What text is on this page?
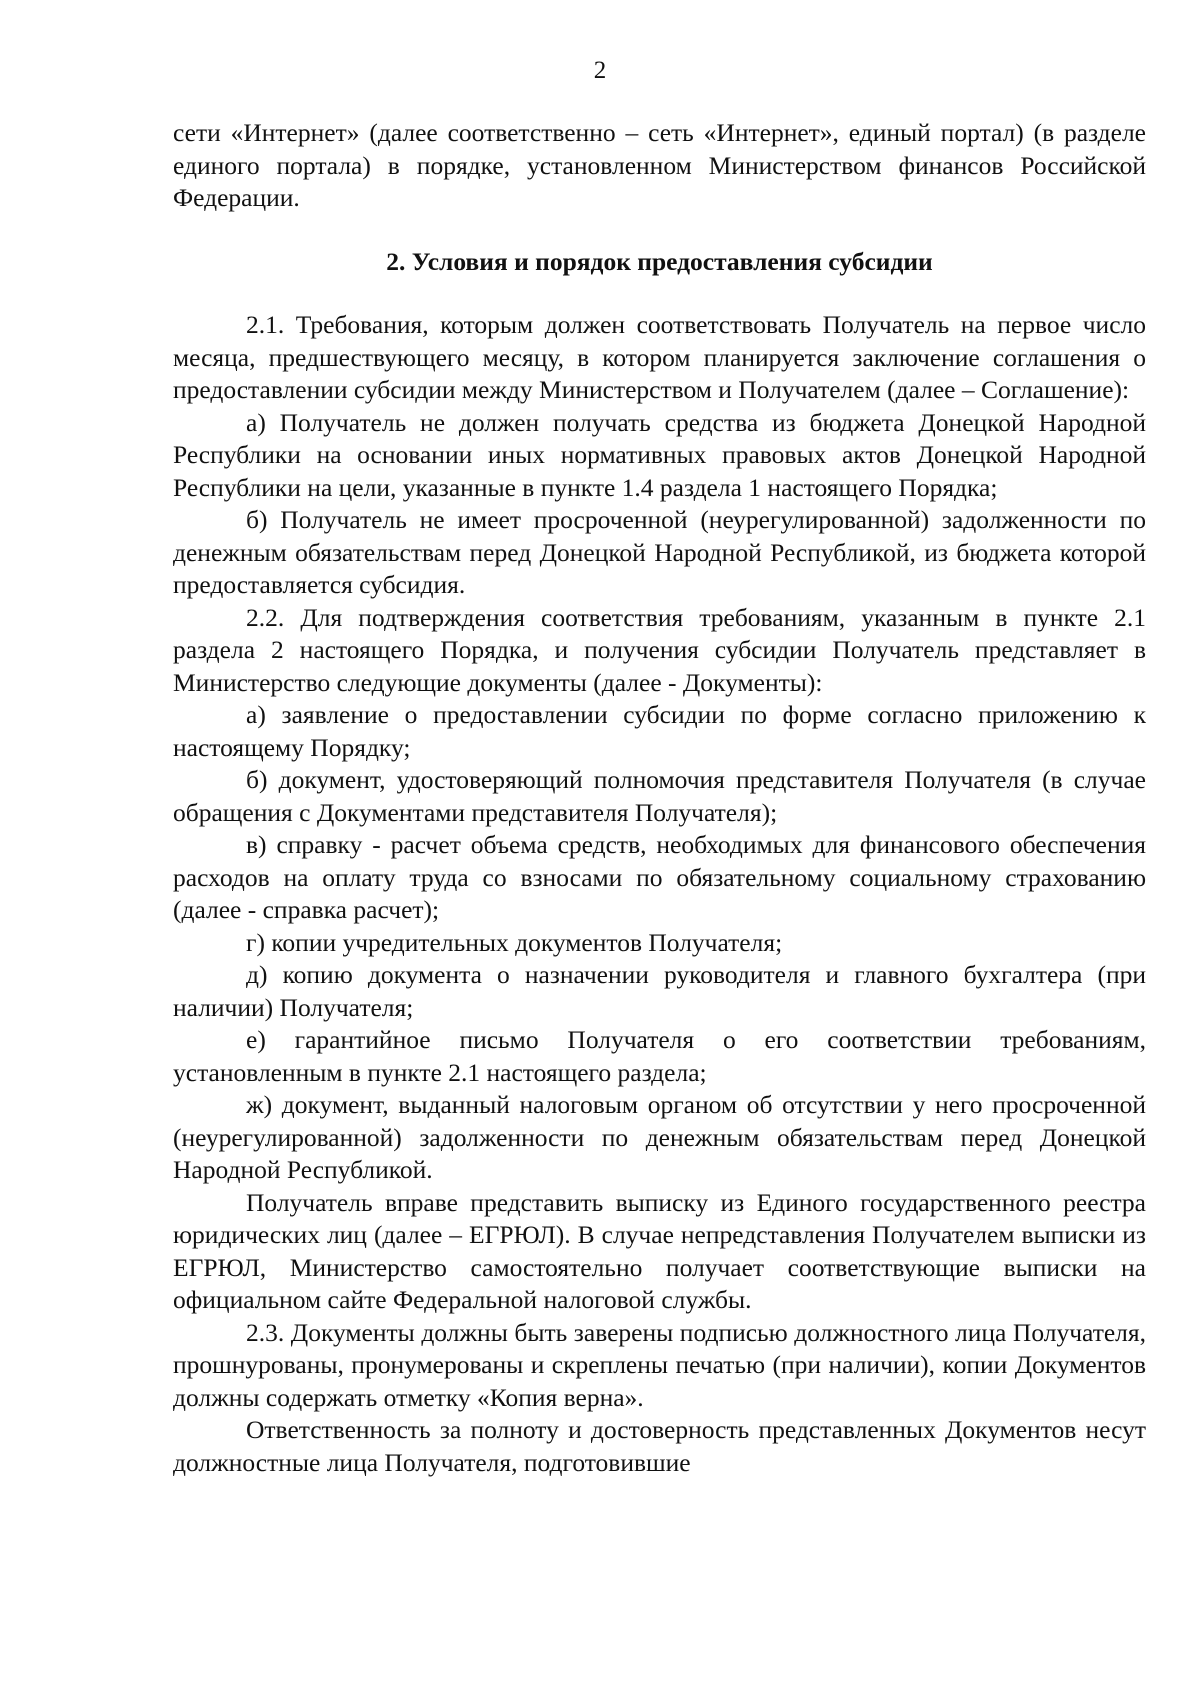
2

сети «Интернет» (далее соответственно – сеть «Интернет», единый портал) (в разделе единого портала) в порядке, установленном Министерством финансов Российской Федерации.

2. Условия и порядок предоставления субсидии

2.1. Требования, которым должен соответствовать Получатель на первое число месяца, предшествующего месяцу, в котором планируется заключение соглашения о предоставлении субсидии между Министерством и Получателем (далее – Соглашение):

а) Получатель не должен получать средства из бюджета Донецкой Народной Республики на основании иных нормативных правовых актов Донецкой Народной Республики на цели, указанные в пункте 1.4 раздела 1 настоящего Порядка;

б) Получатель не имеет просроченной (неурегулированной) задолженности по денежным обязательствам перед Донецкой Народной Республикой, из бюджета которой предоставляется субсидия.

2.2. Для подтверждения соответствия требованиям, указанным в пункте 2.1 раздела 2 настоящего Порядка, и получения субсидии Получатель представляет в Министерство следующие документы (далее - Документы):

а) заявление о предоставлении субсидии по форме согласно приложению к настоящему Порядку;

б) документ, удостоверяющий полномочия представителя Получателя (в случае обращения с Документами представителя Получателя);

в) справку - расчет объема средств, необходимых для финансового обеспечения расходов на оплату труда со взносами по обязательному социальному страхованию (далее - справка расчет);

г) копии учредительных документов Получателя;

д) копию документа о назначении руководителя и главного бухгалтера (при наличии) Получателя;

е) гарантийное письмо Получателя о его соответствии требованиям, установленным в пункте 2.1 настоящего раздела;

ж) документ, выданный налоговым органом об отсутствии у него просроченной (неурегулированной) задолженности по денежным обязательствам перед Донецкой Народной Республикой.

Получатель вправе представить выписку из Единого государственного реестра юридических лиц (далее – ЕГРЮЛ). В случае непредставления Получателем выписки из ЕГРЮЛ, Министерство самостоятельно получает соответствующие выписки на официальном сайте Федеральной налоговой службы.

2.3. Документы должны быть заверены подписью должностного лица Получателя, прошнурованы, пронумерованы и скреплены печатью (при наличии), копии Документов должны содержать отметку «Копия верна».

Ответственность за полноту и достоверность представленных Документов несут должностные лица Получателя, подготовившие
